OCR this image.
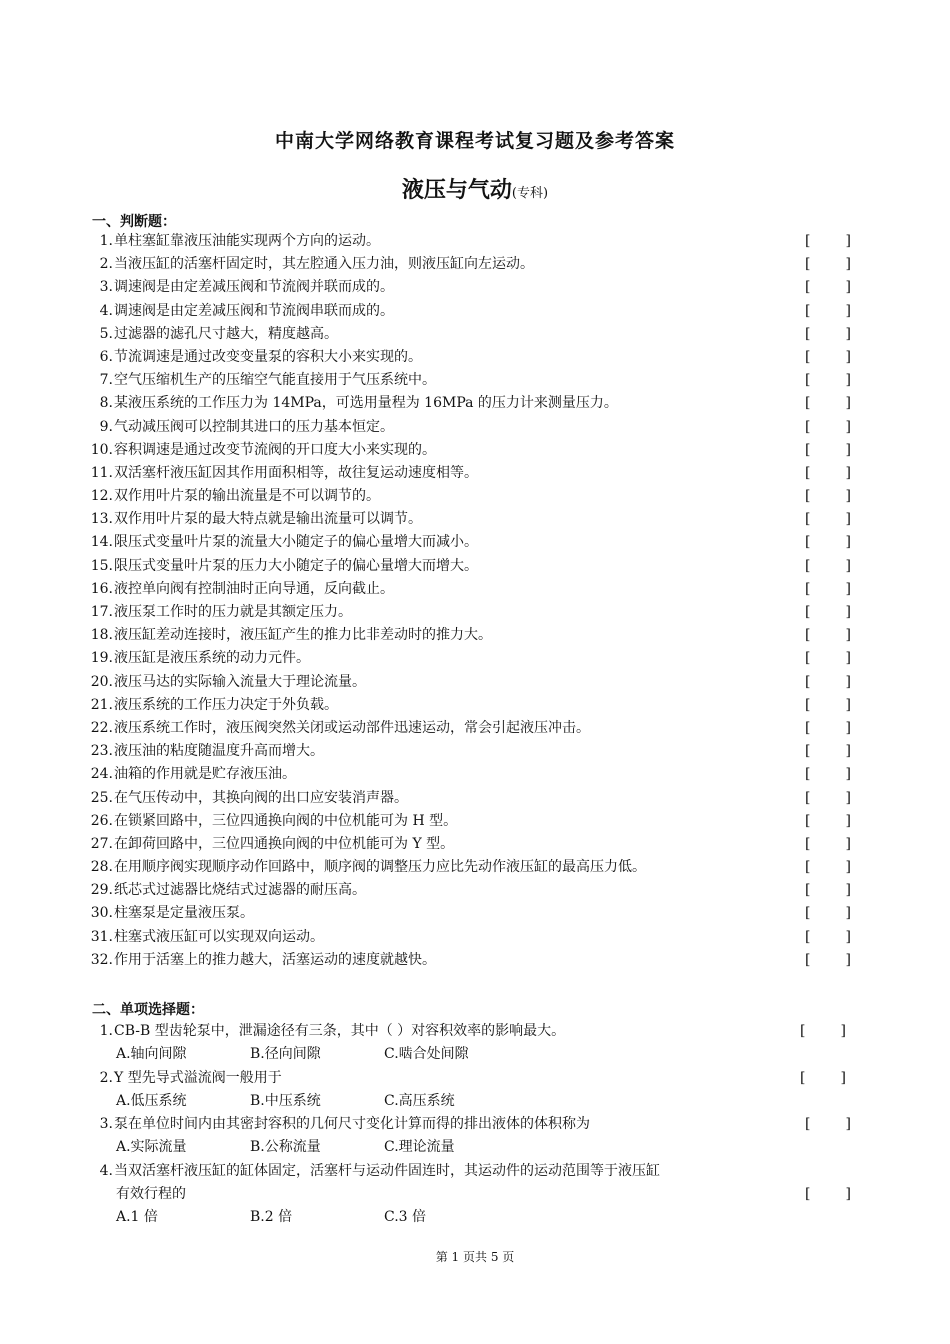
中南大学网络教育课程考试复习题及参考答案
液压与气动(专科)
一、判断题：
1. 单柱塞缸靠液压油能实现两个方向的运动。	[	]
2. 当液压缸的活塞杆固定时，其左腔通入压力油，则液压缸向左运动。	[	]
3. 调速阀是由定差减压阀和节流阀并联而成的。	[	]
4. 调速阀是由定差减压阀和节流阀串联而成的。	[	]
5. 过滤器的滤孔尺寸越大，精度越高。	[	]
6. 节流调速是通过改变变量泵的容积大小来实现的。	[	]
7. 空气压缩机生产的压缩空气能直接用于气压系统中。	[	]
8. 某液压系统的工作压力为 14MPa，可选用量程为 16MPa 的压力计来测量压力。	[	]
9. 气动减压阀可以控制其进口的压力基本恒定。	[	]
10. 容积调速是通过改变节流阀的开口度大小来实现的。	[	]
11. 双活塞杆液压缸因其作用面积相等，故往复运动速度相等。	[	]
12. 双作用叶片泵的输出流量是不可以调节的。	[	]
13. 双作用叶片泵的最大特点就是输出流量可以调节。	[	]
14. 限压式变量叶片泵的流量大小随定子的偏心量增大而减小。	[	]
15. 限压式变量叶片泵的压力大小随定子的偏心量增大而增大。	[	]
16. 液控单向阀有控制油时正向导通，反向截止。	[	]
17. 液压泵工作时的压力就是其额定压力。	[	]
18. 液压缸差动连接时，液压缸产生的推力比非差动时的推力大。	[	]
19. 液压缸是液压系统的动力元件。	[	]
20. 液压马达的实际输入流量大于理论流量。	[	]
21. 液压系统的工作压力决定于外负载。	[	]
22. 液压系统工作时，液压阀突然关闭或运动部件迅速运动，常会引起液压冲击。	[	]
23. 液压油的粘度随温度升高而增大。	[	]
24. 油箱的作用就是贮存液压油。	[	]
25. 在气压传动中，其换向阀的出口应安装消声器。	[	]
26. 在锁紧回路中，三位四通换向阀的中位机能可为 H 型。	[	]
27. 在卸荷回路中，三位四通换向阀的中位机能可为 Y 型。	[	]
28. 在用顺序阀实现顺序动作回路中，顺序阀的调整压力应比先动作液压缸的最高压力低。	[	]
29. 纸芯式过滤器比烧结式过滤器的耐压高。	[	]
30. 柱塞泵是定量液压泵。	[	]
31. 柱塞式液压缸可以实现双向运动。	[	]
32. 作用于活塞上的推力越大，活塞运动的速度就越快。	[	]
二、单项选择题：
1. CB-B 型齿轮泵中，泄漏途径有三条，其中（ ）对容积效率的影响最大。	[	]
A.轴向间隙	B.径向间隙	C.啮合处间隙
2. Y 型先导式溢流阀一般用于	[	]
A.低压系统	B.中压系统	C.高压系统
3. 泵在单位时间内由其密封容积的几何尺寸变化计算而得的排出液体的体积称为	[	]
A.实际流量	B.公称流量	C.理论流量
4. 当双活塞杆液压缸的缸体固定，活塞杆与运动件固连时，其运动件的运动范围等于液压缸
有效行程的	[	]
A.1 倍	B.2 倍	C.3 倍
第 1 页共 5 页
